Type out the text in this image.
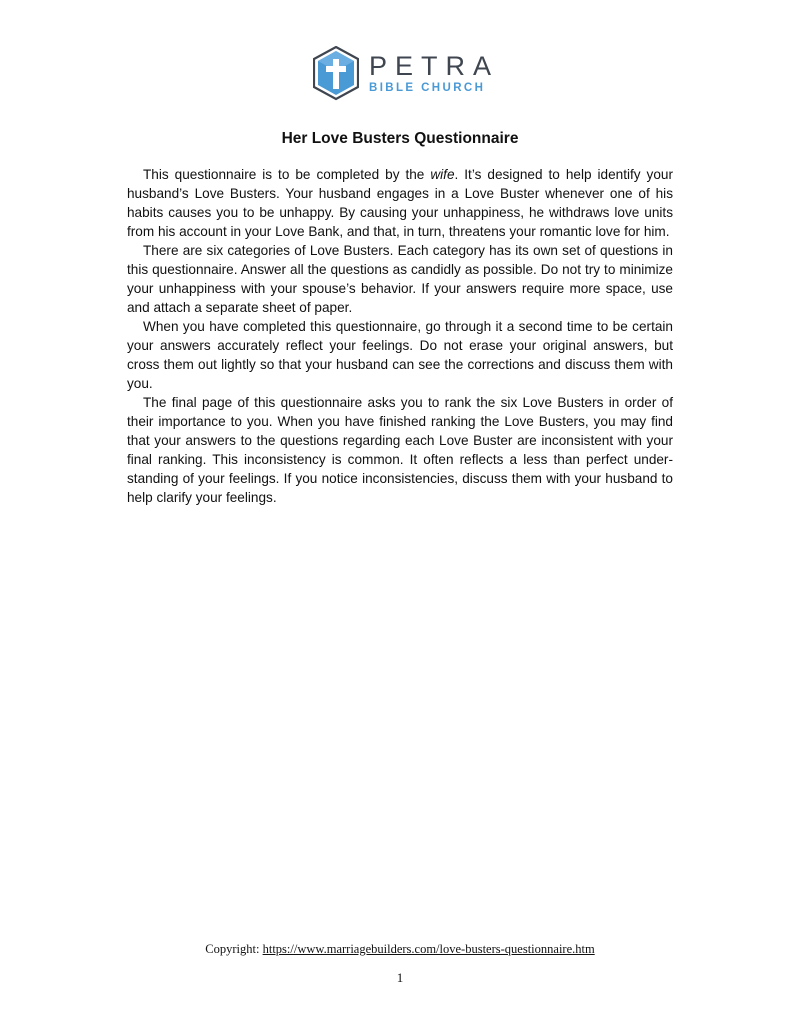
PETRA
BIBLE CHURCH
Her Love Busters Questionnaire

This questionnaire is to be completed by the wife. It’s designed to help identify your husband’s Love Busters. Your husband engages in a Love Buster whenever one of his habits causes you to be unhappy. By causing your unhappiness, he withdraws love units from his account in your Love Bank, and that, in turn, threatens your romantic love for him.

There are six categories of Love Busters. Each category has its own set of questions in this questionnaire. Answer all the questions as candidly as possible. Do not try to minimize your unhappiness with your spouse’s behavior. If your answers require more space, use and attach a separate sheet of paper.

When you have completed this questionnaire, go through it a second time to be certain your answers accurately reflect your feelings. Do not erase your original answers, but cross them out lightly so that your husband can see the corrections and discuss them with you.

The final page of this questionnaire asks you to rank the six Love Busters in order of their importance to you. When you have finished ranking the Love Busters, you may find that your answers to the questions regarding each Love Buster are inconsistent with your final ranking. This inconsistency is common. It often reflects a less than perfect understanding of your feelings. If you notice inconsistencies, discuss them with your husband to help clarify your feelings.

Copyright: https://www.marriagebuilders.com/love-busters-questionnaire.htm
1
